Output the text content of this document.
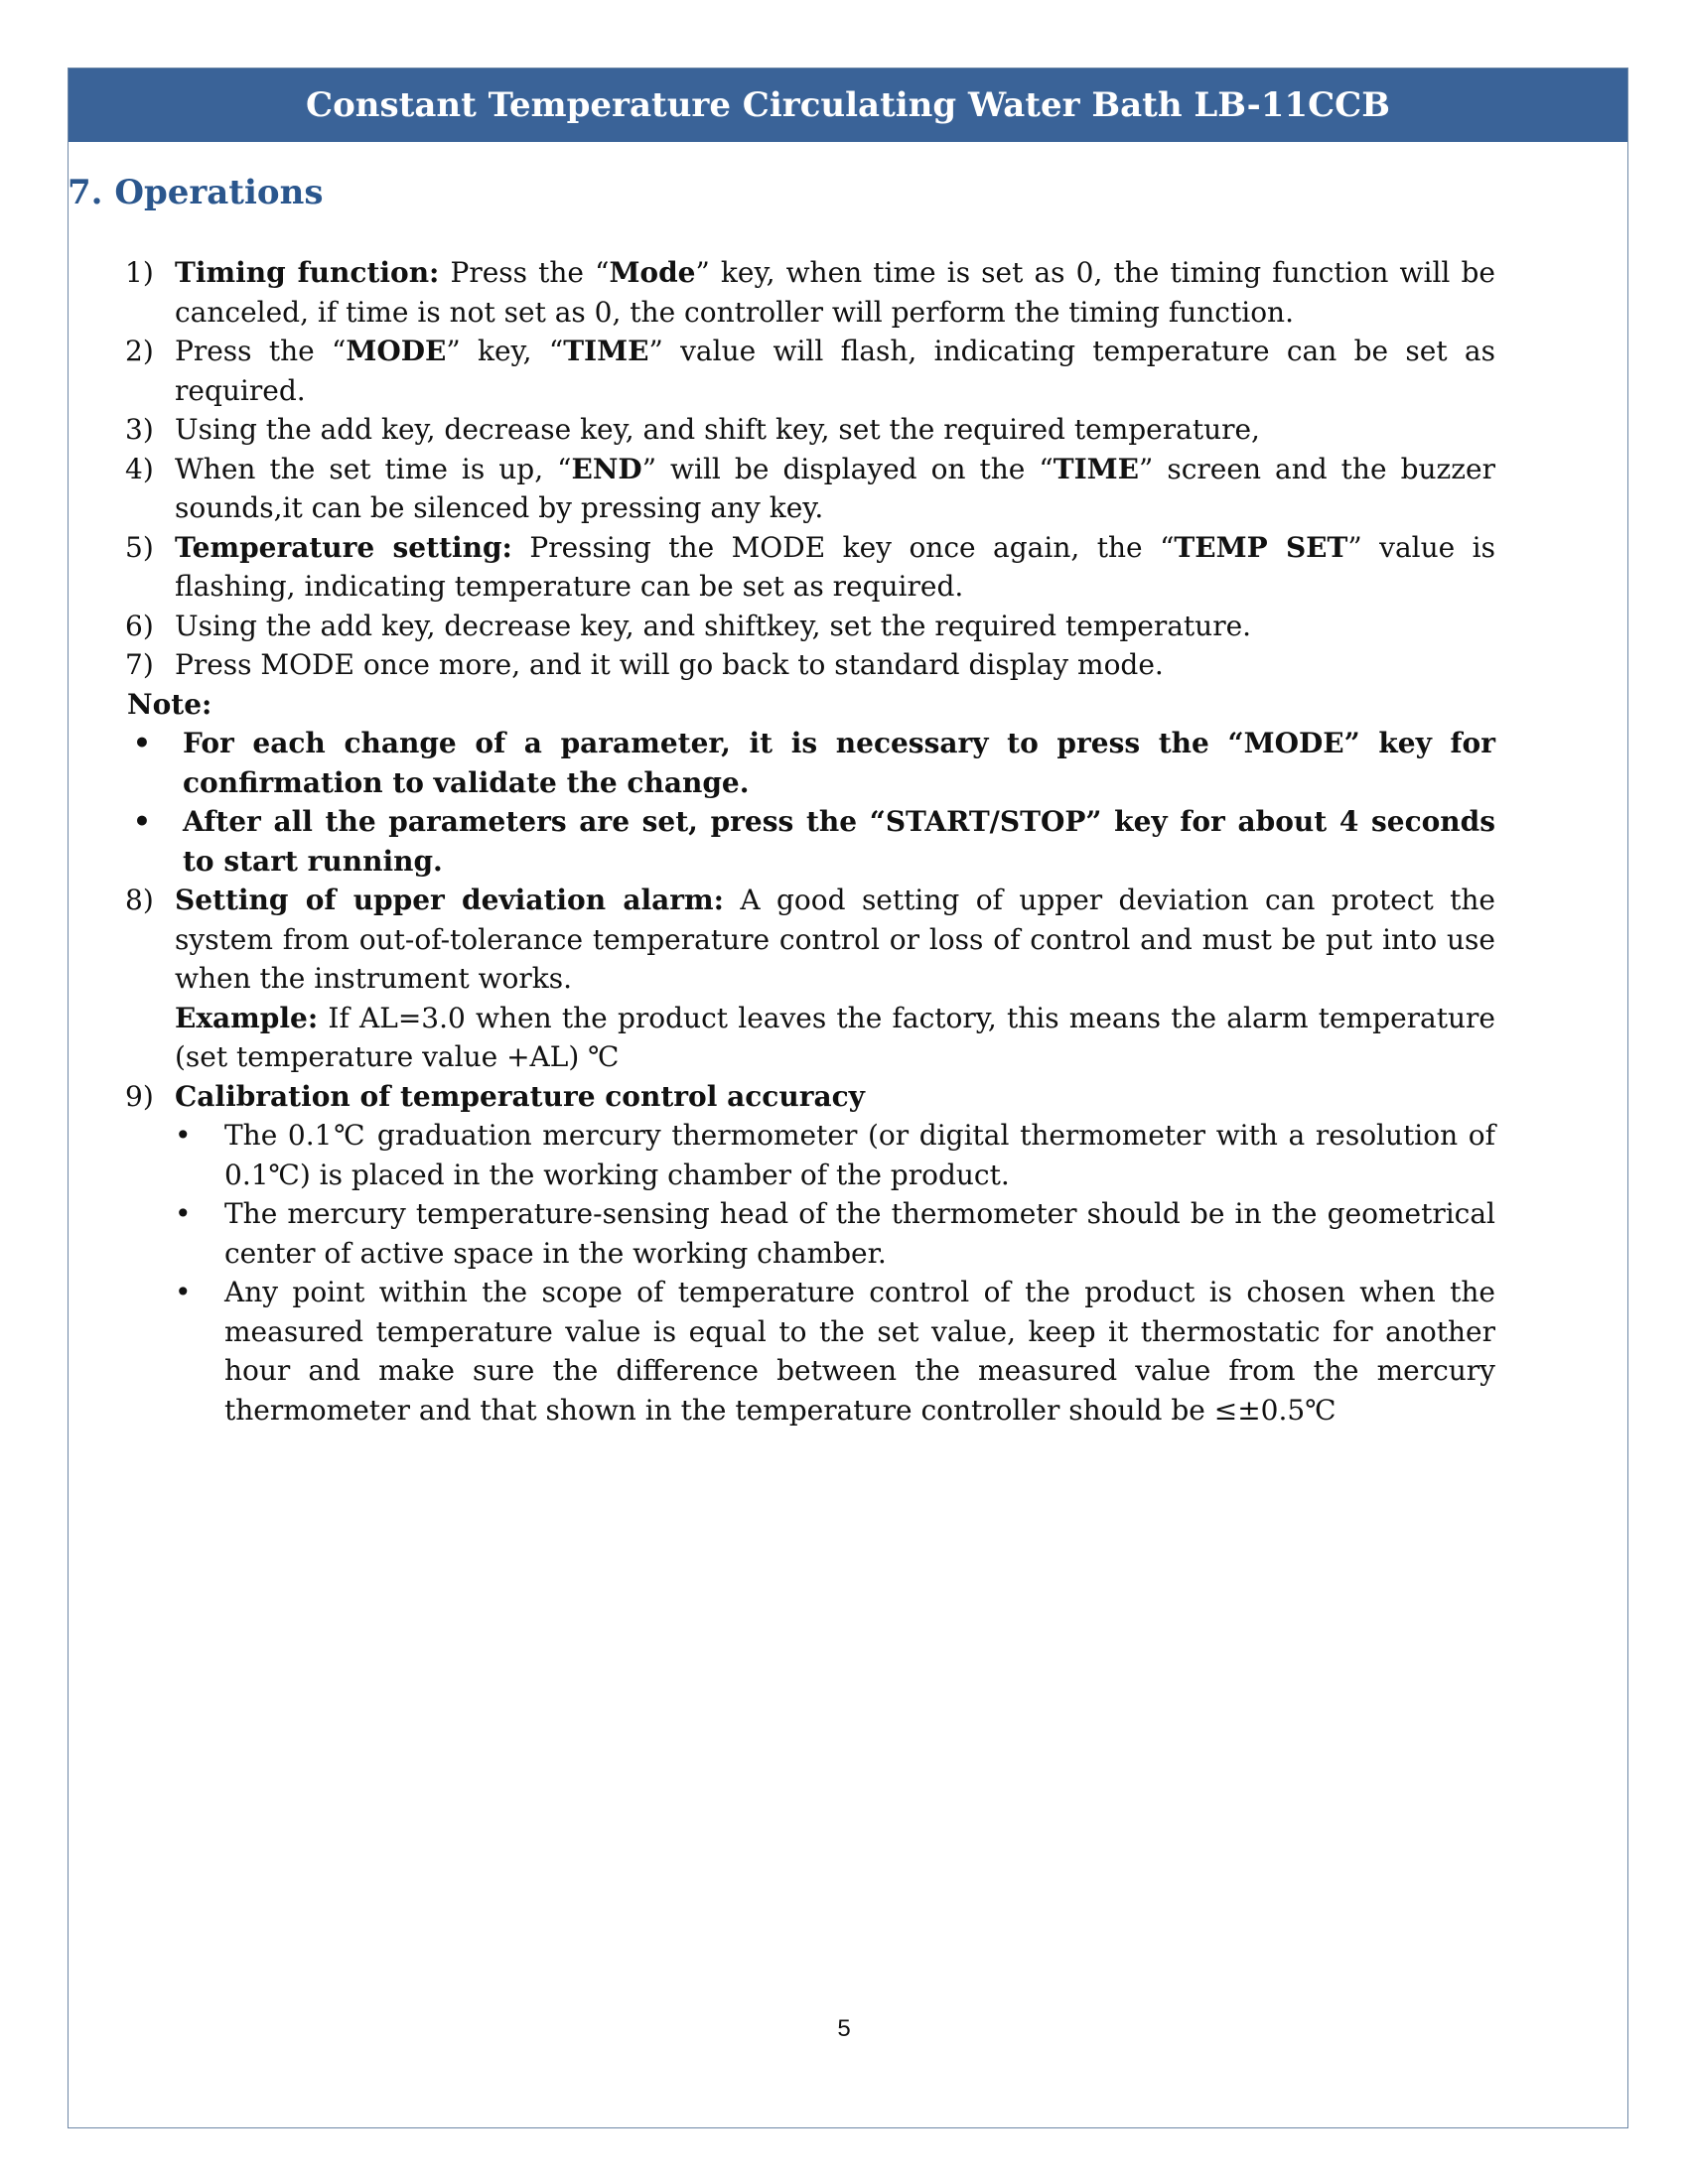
Constant Temperature Circulating Water Bath LB-11CCB
7. Operations
1) Timing function: Press the “Mode” key, when time is set as 0, the timing function will be canceled, if time is not set as 0, the controller will perform the timing function.
2) Press the “MODE” key, “TIME” value will flash, indicating temperature can be set as required.
3) Using the add key, decrease key, and shift key, set the required temperature,
4) When the set time is up, “END” will be displayed on the “TIME” screen and the buzzer sounds,it can be silenced by pressing any key.
5) Temperature setting: Pressing the MODE key once again, the “TEMP SET” value is flashing, indicating temperature can be set as required.
6) Using the add key, decrease key, and shiftkey, set the required temperature.
7) Press MODE once more, and it will go back to standard display mode.
Note:
• For each change of a parameter, it is necessary to press the “MODE” key for confirmation to validate the change.
• After all the parameters are set, press the “START/STOP” key for about 4 seconds to start running.
8) Setting of upper deviation alarm: A good setting of upper deviation can protect the system from out-of-tolerance temperature control or loss of control and must be put into use when the instrument works.
Example: If AL=3.0 when the product leaves the factory, this means the alarm temperature (set temperature value +AL) ℃
9) Calibration of temperature control accuracy
• The 0.1℃ graduation mercury thermometer (or digital thermometer with a resolution of 0.1℃) is placed in the working chamber of the product.
• The mercury temperature-sensing head of the thermometer should be in the geometrical center of active space in the working chamber.
• Any point within the scope of temperature control of the product is chosen when the measured temperature value is equal to the set value, keep it thermostatic for another hour and make sure the difference between the measured value from the mercury thermometer and that shown in the temperature controller should be ≤±0.5℃
5
